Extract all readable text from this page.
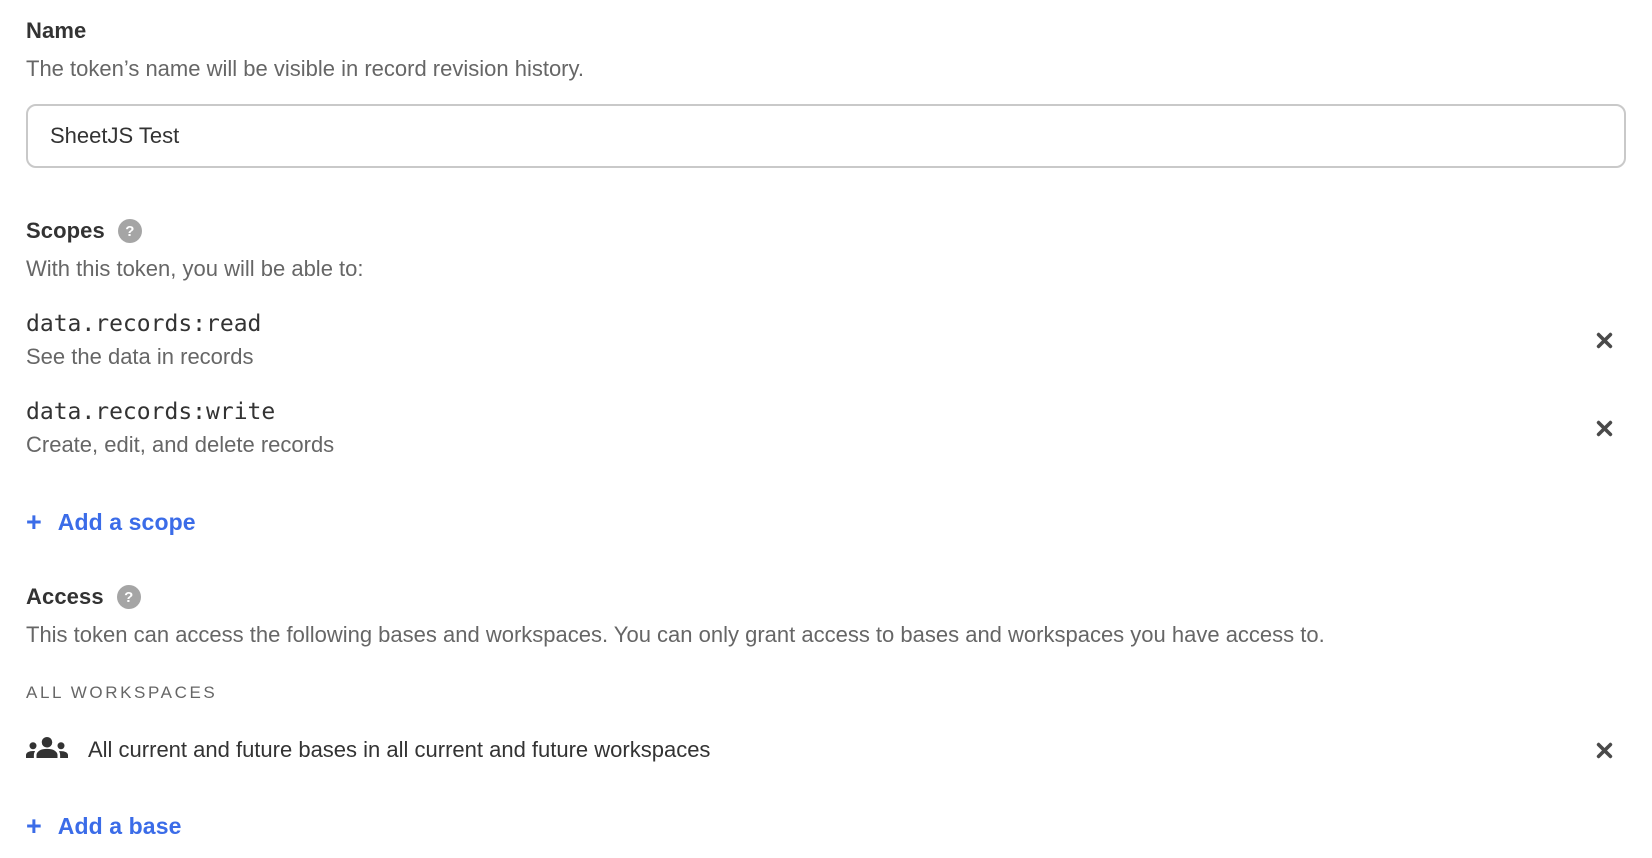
Name

The token’s name will be visible in record revision history.

SheetJS Test
Scopes ?

With this token, you will be able to:

data.records:read
See the data in records
data.records:write
Create, edit, and delete records
+ Add a scope
Access ?

This token can access the following bases and workspaces. You can only grant access to bases and workspaces you have access to.

ALL WORKSPACES
All current and future bases in all current and future workspaces
+ Add a base
